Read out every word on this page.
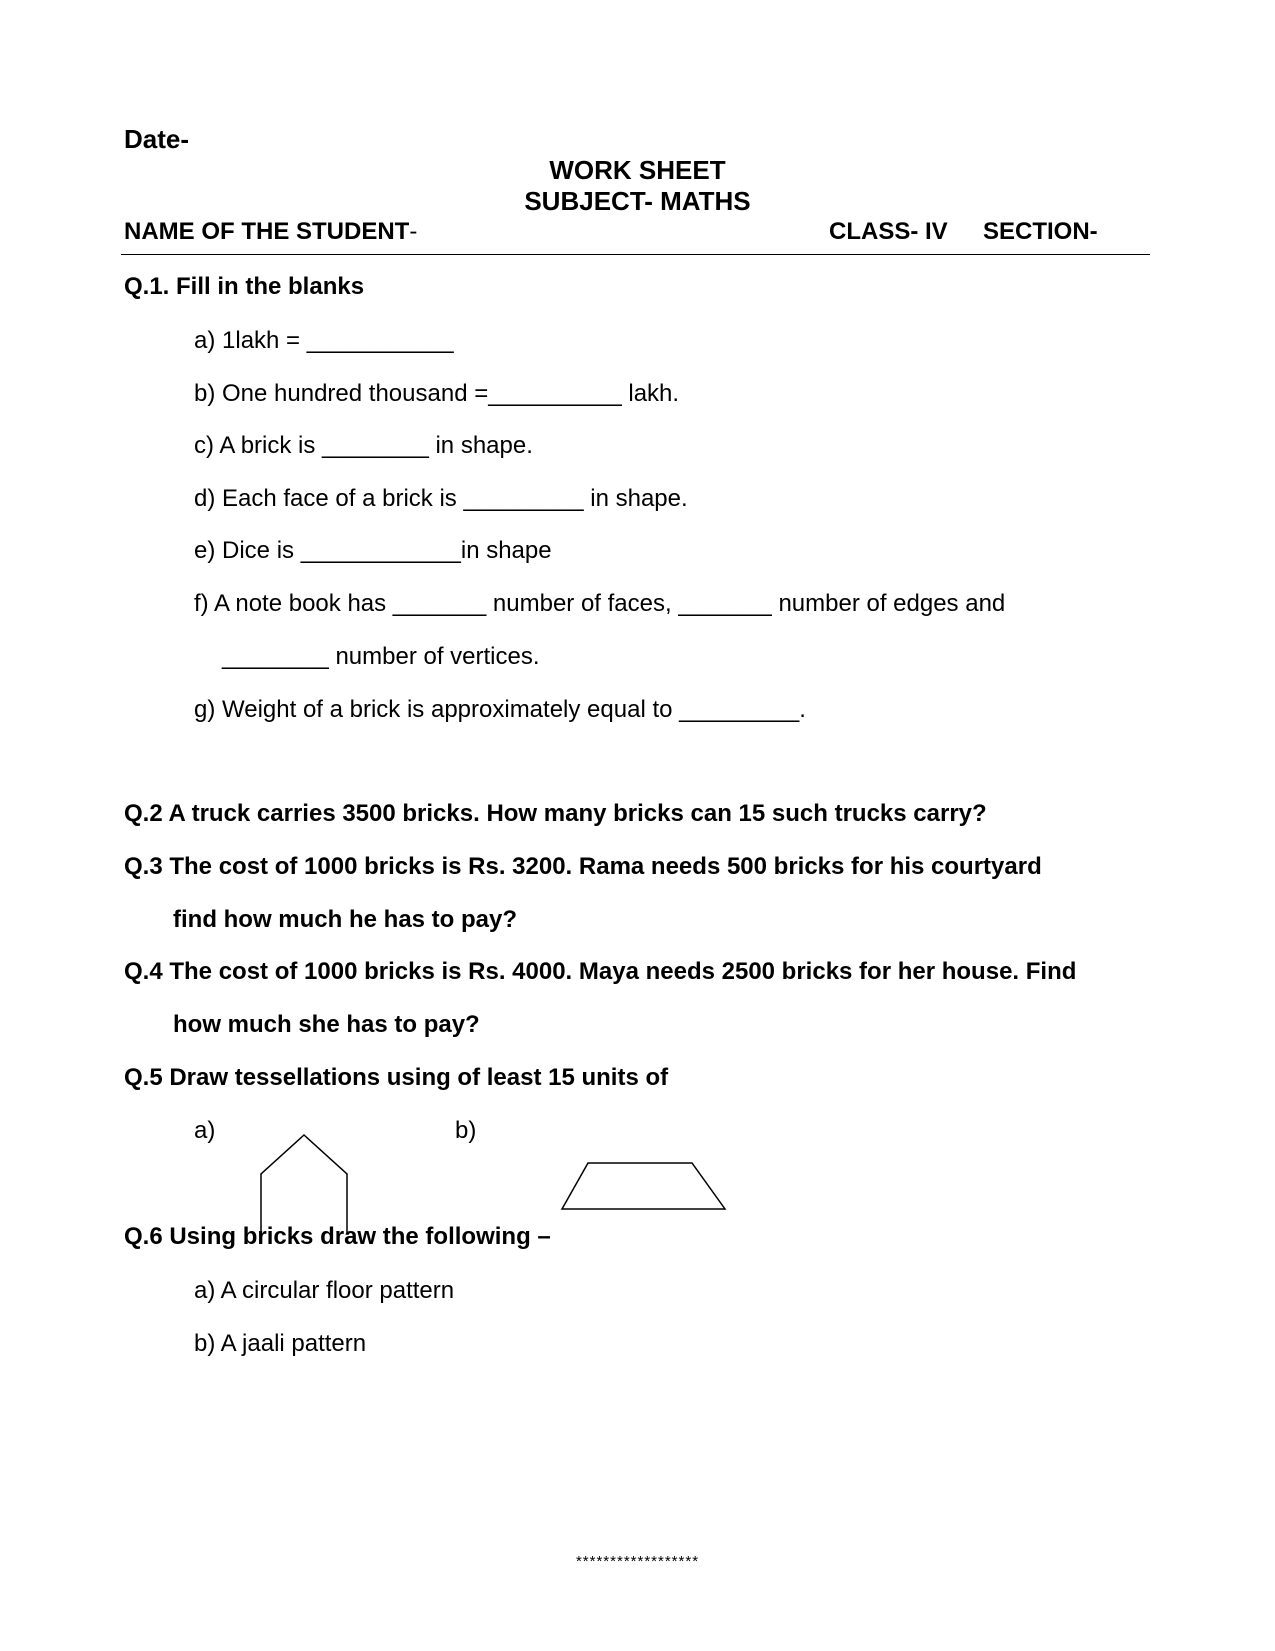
Date-
WORK SHEET
SUBJECT- MATHS
NAME OF THE STUDENT-	CLASS- IV SECTION-
Q.1. Fill in the blanks
a) 1lakh = ___________
b) One hundred thousand =__________ lakh.
c) A brick is ________ in shape.
d) Each face of a brick is _________ in shape.
e) Dice is ____________in shape
f) A note book has _______ number of faces, _______ number of edges and
________ number of vertices.
g) Weight of a brick is approximately equal to _________.
Q.2 A truck carries 3500 bricks. How many bricks can 15 such trucks carry?
Q.3 The cost of 1000 bricks is Rs. 3200. Rama needs 500 bricks for his courtyard
find how much he has to pay?
Q.4 The cost of 1000 bricks is Rs. 4000. Maya needs 2500 bricks for her house. Find
how much she has to pay?
Q.5 Draw tessellations using of least 15 units of
a)	b)
Q.6 Using bricks draw the following –
a) A circular floor pattern
b) A jaali pattern
******************
